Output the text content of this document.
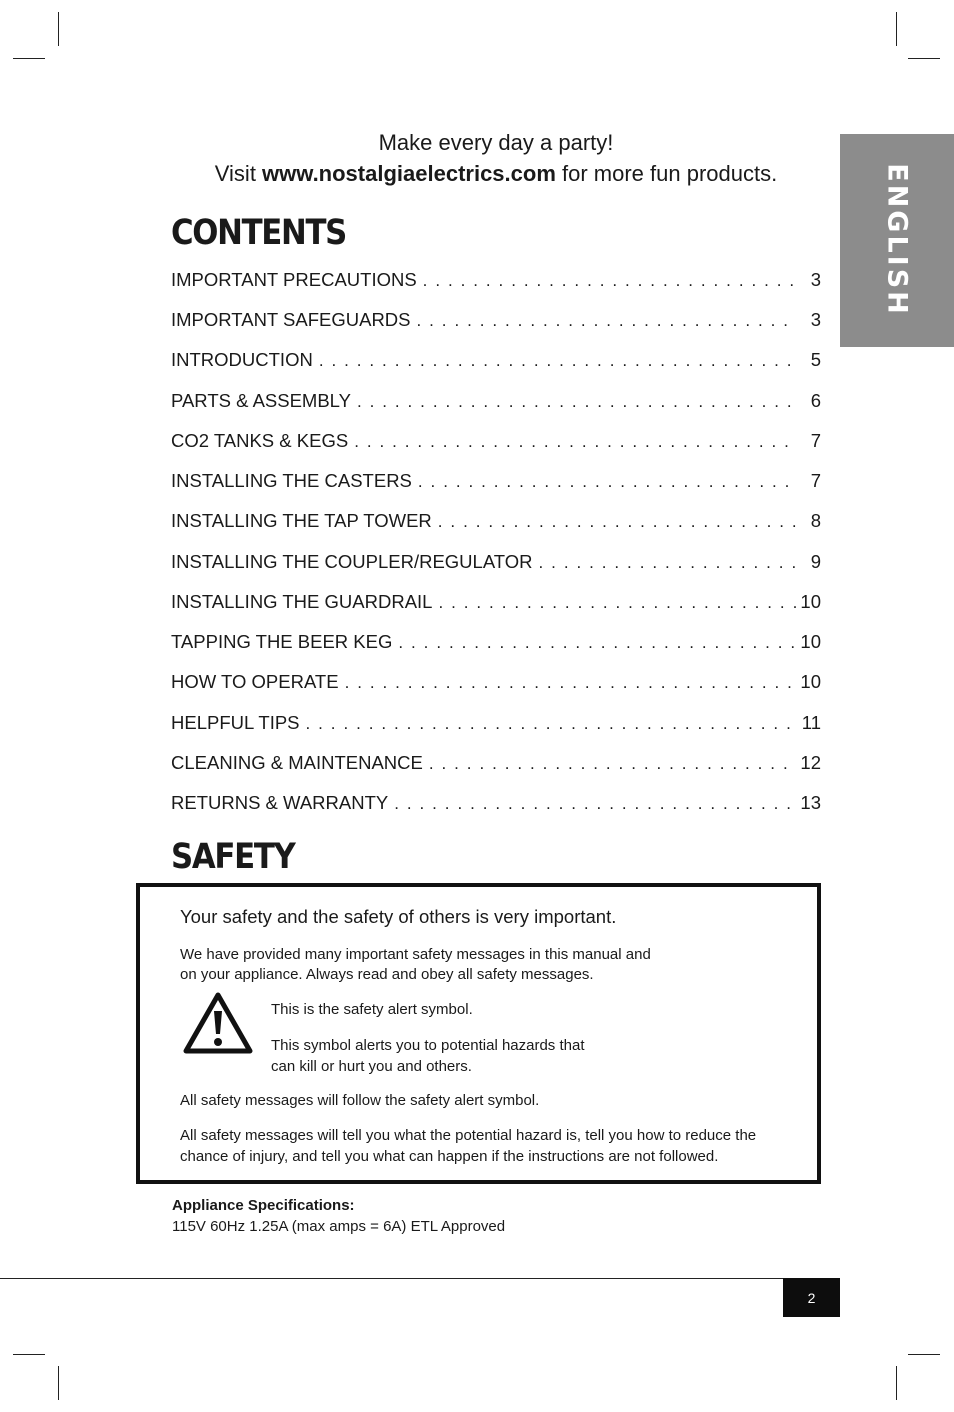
ENGLISH
Make every day a party!
Visit www.nostalgiaelectrics.com for more fun products.
CONTENTS
IMPORTANT PRECAUTIONS . . .	3
IMPORTANT SAFEGUARDS . . .	3
INTRODUCTION . . .	5
PARTS & ASSEMBLY . . .	6
CO2 TANKS & KEGS . . .	7
INSTALLING THE CASTERS . . .	7
INSTALLING THE TAP TOWER . . .	8
INSTALLING THE COUPLER/REGULATOR . . .	9
INSTALLING THE GUARDRAIL . . .	10
TAPPING THE BEER KEG . . .	10
HOW TO OPERATE . . .	10
HELPFUL TIPS . . .	11
CLEANING & MAINTENANCE . . .	12
RETURNS & WARRANTY . . .	13
SAFETY
Your safety and the safety of others is very important.
We have provided many important safety messages in this manual and
on your appliance. Always read and obey all safety messages.
This is the safety alert symbol.
This symbol alerts you to potential hazards that
can kill or hurt you and others.
All safety messages will follow the safety alert symbol.
All safety messages will tell you what the potential hazard is, tell you how to reduce the
chance of injury, and tell you what can happen if the instructions are not followed.
Appliance Specifications:
115V 60Hz 1.25A (max amps = 6A) ETL Approved
2
